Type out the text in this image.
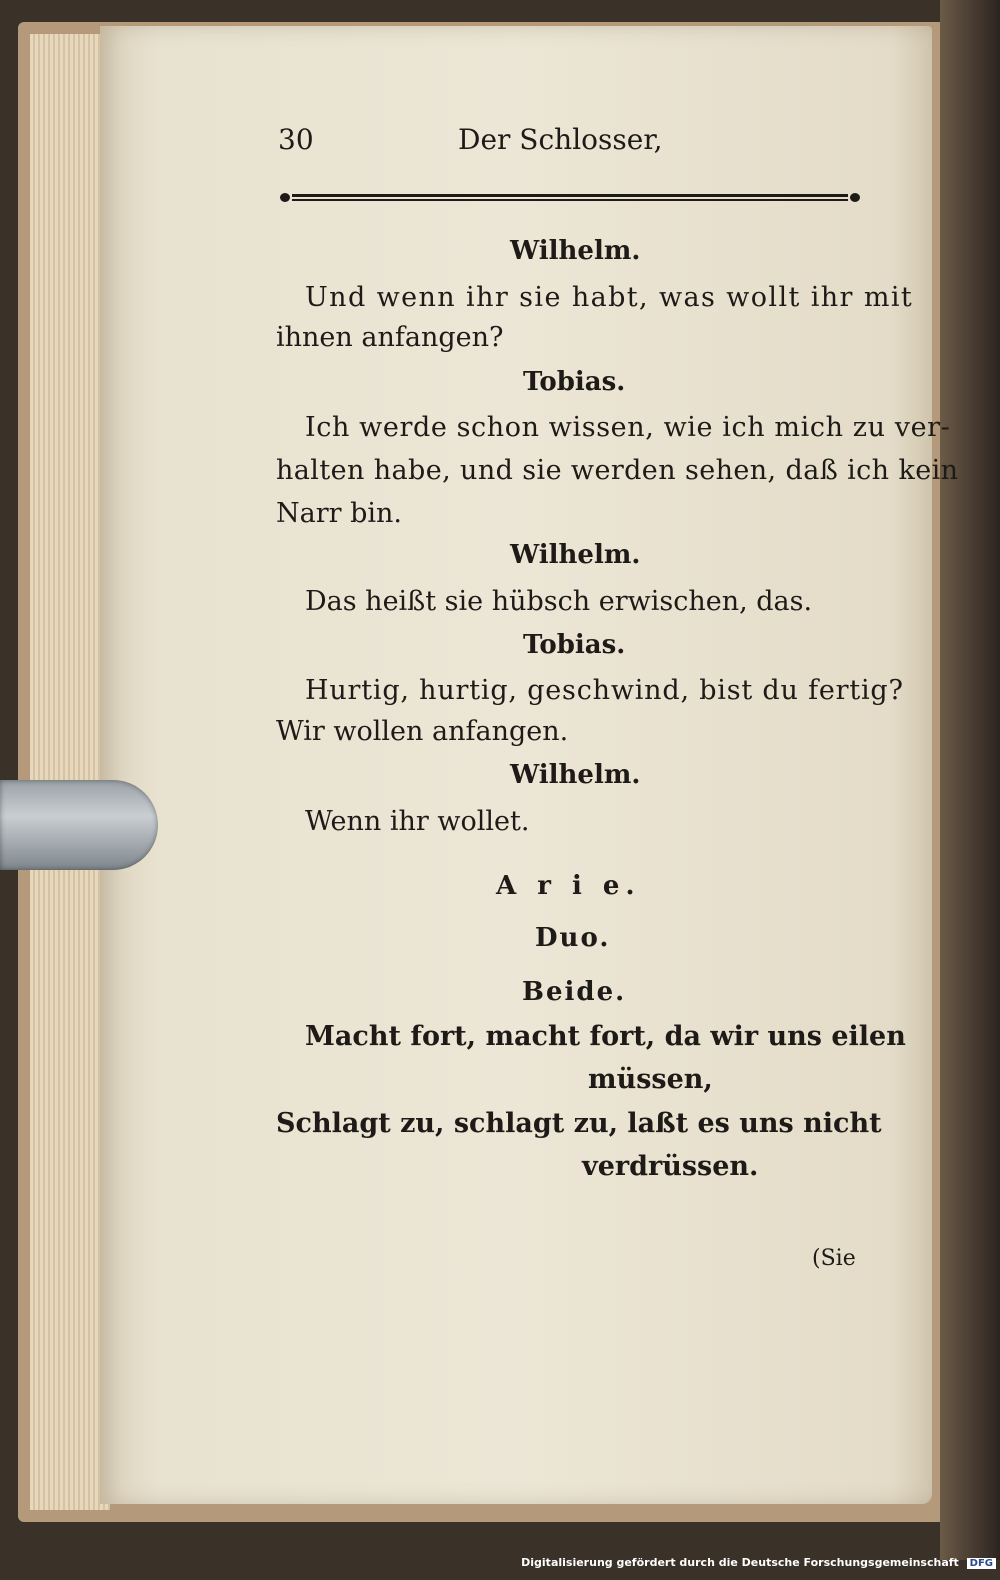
30	Der Schlosser,
Wilhelm.
Und wenn ihr sie habt, was wollt ihr mit
ihnen anfangen?
Tobias.
Ich werde schon wissen, wie ich mich zu ver-
halten habe, und sie werden sehen, daß ich kein
Narr bin.
Wilhelm.
Das heißt sie hübsch erwischen, das.
Tobias.
Hurtig, hurtig, geschwind, bist du fertig?
Wir wollen anfangen.
Wilhelm.
Wenn ihr wollet.
A r i e.
Duo.
Beide.
Macht fort, macht fort, da wir uns eilen
müssen,
Schlagt zu, schlagt zu, laßt es uns nicht
verdrüssen.
(Sie
Digitalisierung gefördert durch die Deutsche Forschungsgemeinschaft DFG
